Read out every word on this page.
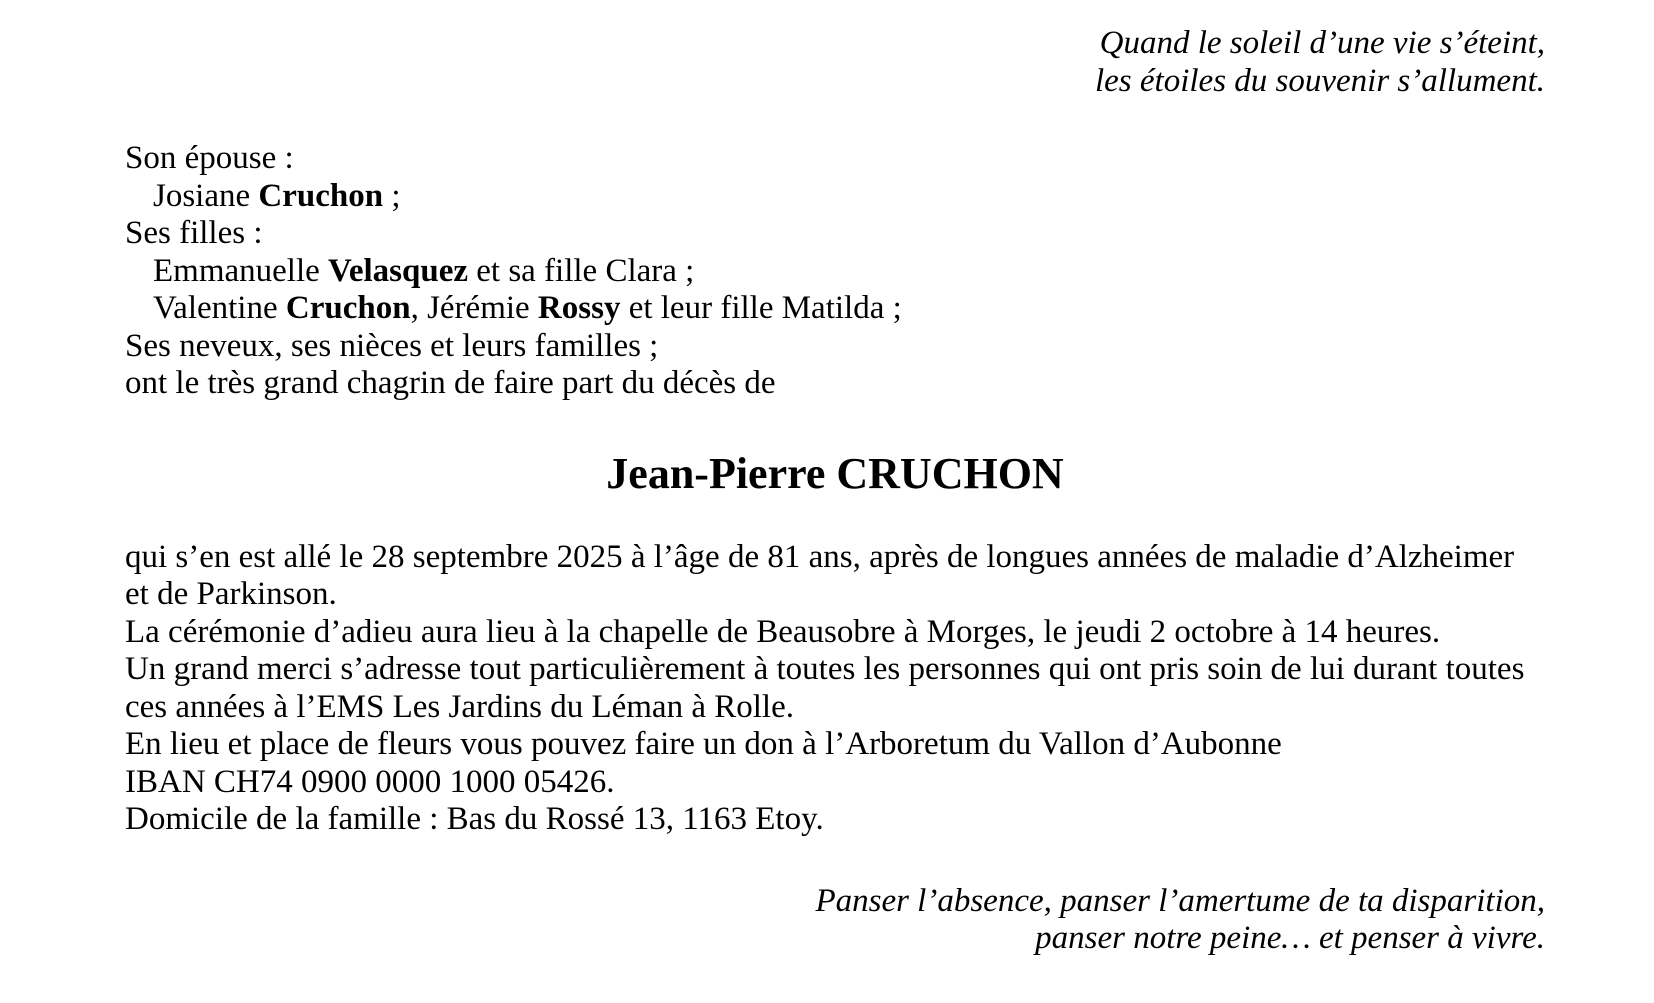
Quand le soleil d’une vie s’éteint,
les étoiles du souvenir s’allument.
Son épouse :
Josiane Cruchon ;
Ses filles :
Emmanuelle Velasquez et sa fille Clara ;
Valentine Cruchon, Jérémie Rossy et leur fille Matilda ;
Ses neveux, ses nièces et leurs familles ;
ont le très grand chagrin de faire part du décès de
Jean-Pierre CRUCHON
qui s’en est allé le 28 septembre 2025 à l’âge de 81 ans, après de longues années de maladie d’Alzheimer
et de Parkinson.
La cérémonie d’adieu aura lieu à la chapelle de Beausobre à Morges, le jeudi 2 octobre à 14 heures.
Un grand merci s’adresse tout particulièrement à toutes les personnes qui ont pris soin de lui durant toutes
ces années à l’EMS Les Jardins du Léman à Rolle.
En lieu et place de fleurs vous pouvez faire un don à l’Arboretum du Vallon d’Aubonne
IBAN CH74 0900 0000 1000 05426.
Domicile de la famille : Bas du Rossé 13, 1163 Etoy.
Panser l’absence, panser l’amertume de ta disparition,
panser notre peine… et penser à vivre.
